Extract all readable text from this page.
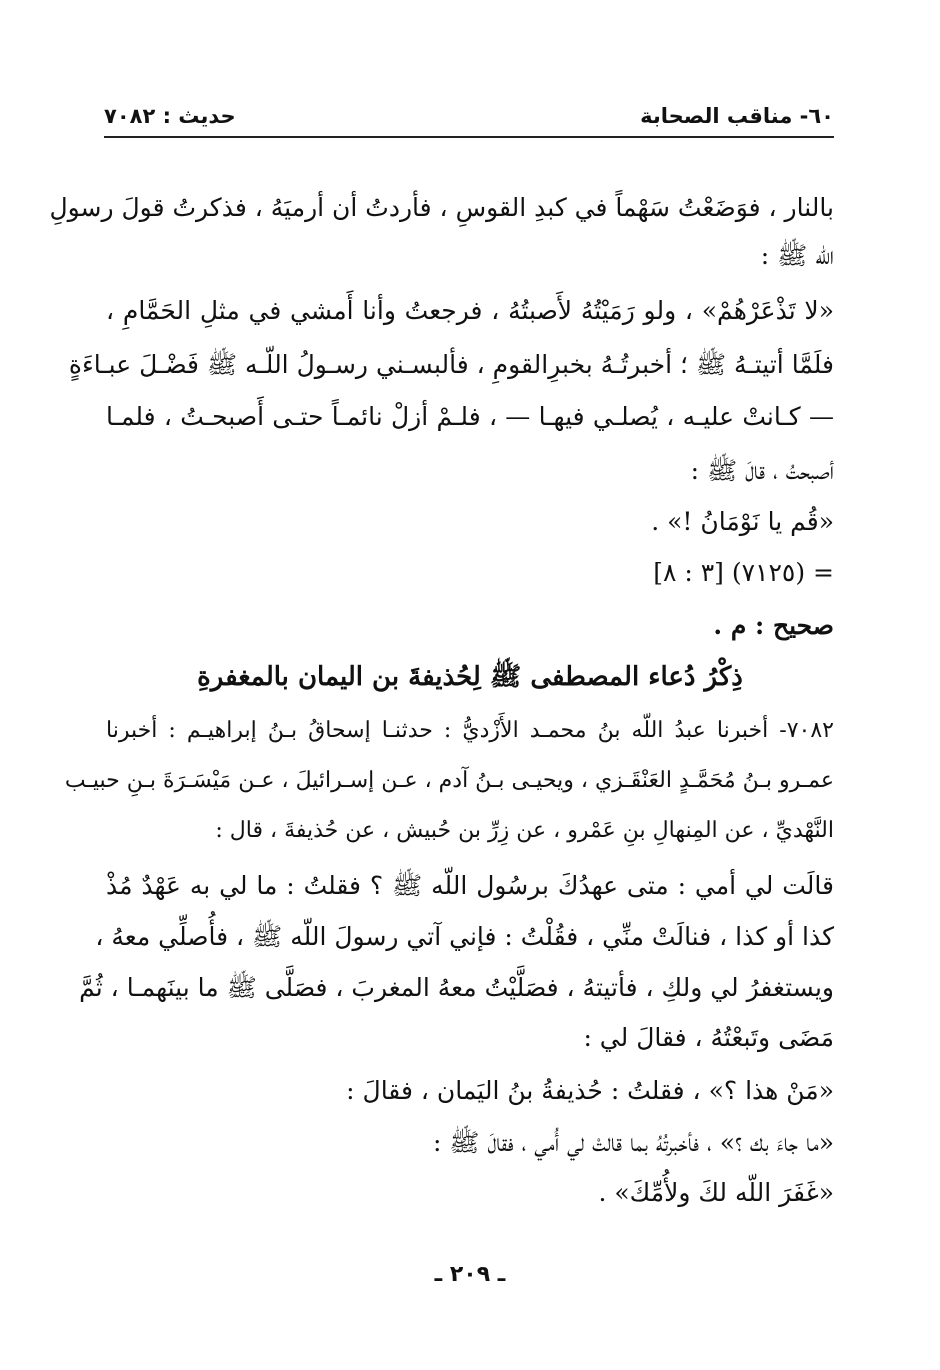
٦٠- مناقب الصحابة
حديث : ٧٠٨٢
بالنار ، فوَضَعْتُ سَهْماً في كبدِ القوسِ ، فأردتُ أن أرميَهُ ، فذكرتُ قولَ رسولِ
اللّه ﷺ :
«لا تَذْعَرْهُمْ» ، ولو رَمَيْتُهُ لأَصبتُهُ ، فرجعتُ وأنا أَمشي في مثلِ الحَمَّامِ ،
فلَمَّا أتيتـهُ ﷺ ؛ أخبرتُـهُ بخبرِالقومِ ، فألبسـني رسـولُ اللّـه ﷺ فَضْـلَ عبـاءَةٍ
— كـانتْ عليـه ، يُصلـي فيهـا — ، فلـمْ أزلْ نائمـاً حتـى أَصبحـتُ ، فلمـا
أصبحتُ ، قالَ ﷺ :
«قُم يا نَوْمَانُ !» .
= (٧١٢٥) [٣ : ٨]
صحيح : م .
ذِكْرُ دُعاء المصطفى ﷺ لِحُذيفةَ بن اليمان بالمغفرةِ
٧٠٨٢- أخبرنا عبدُ اللّه بنُ محمـد الأَزْديُّ : حدثنـا إسحاقُ بـنُ إبراهيـم : أخبرنا
عمـرو بـنُ مُحَمَّـدٍ العَنْقَـزي ، ويحيـى بـنُ آدم ، عـن إسـرائيلَ ، عـن مَيْسَـرَةَ بـنِ حبيـب
النَّهْديِّ ، عن المِنهالِ بنِ عَمْرو ، عن زِرِّ بن حُبيش ، عن حُذيفةَ ، قال :
قالَت لي أمي : متى عهدُكَ برسُول اللّه ﷺ ؟ فقلتُ : ما لي به عَهْدٌ مُذْ
كذا أو كذا ، فنالَتْ منِّي ، فقُلْتُ : فإني آتي رسولَ اللّه ﷺ ، فأُصلِّي معهُ ،
ويستغفرُ لي ولكِ ، فأتيتهُ ، فصَلَّيْتُ معهُ المغربَ ، فصَلَّى ﷺ ما بينَهمـا ، ثُمَّ
مَضَى وتَبعْتُهُ ، فقالَ لي :
«مَنْ هذا ؟» ، فقلتُ : حُذيفةُ بنُ اليَمان ، فقالَ :
«ما جاءَ بك ؟» ، فأخبرتُهُ بما قالتْ لي أُمي ، فقالَ ﷺ :
«غَفَرَ اللّه لكَ ولأُمِّكَ» .
ـ ٢٠٩ ـ
